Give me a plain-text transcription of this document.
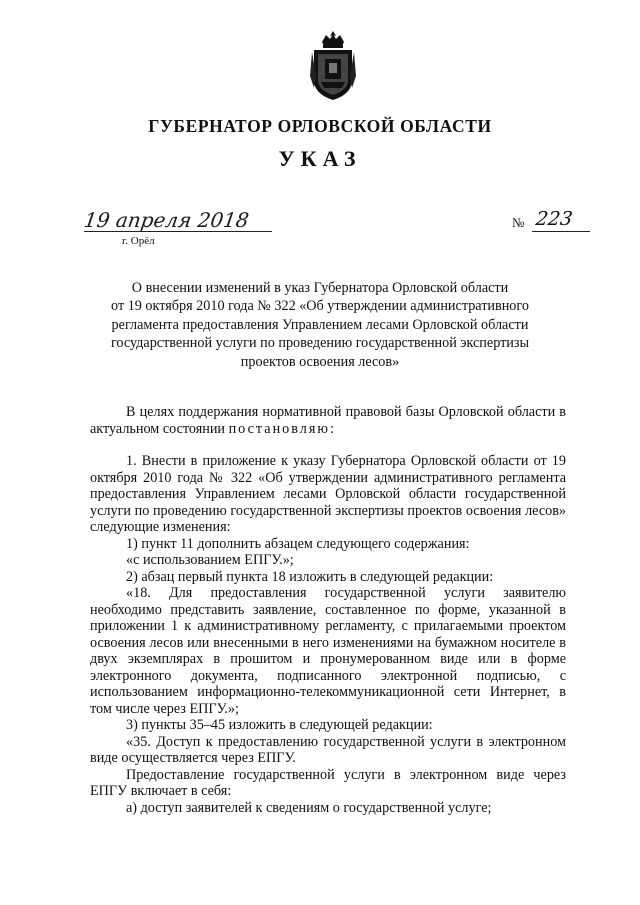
ГУБЕРНАТОР ОРЛОВСКОЙ ОБЛАСТИ
УКАЗ
19 апреля 2018
г. Орёл
№ 223
О внесении изменений в указ Губернатора Орловской области
от 19 октября 2010 года № 322 «Об утверждении административного
регламента предоставления Управлением лесами Орловской области
государственной услуги по проведению государственной экспертизы
проектов освоения лесов»

В целях поддержания нормативной правовой базы Орловской области в актуальном состоянии постановляю:

1. Внести в приложение к указу Губернатора Орловской области от 19 октября 2010 года № 322 «Об утверждении административного регламента предоставления Управлением лесами Орловской области государственной услуги по проведению государственной экспертизы проектов освоения лесов» следующие изменения:

1) пункт 11 дополнить абзацем следующего содержания:

«с использованием ЕПГУ.»;

2) абзац первый пункта 18 изложить в следующей редакции:

«18. Для предоставления государственной услуги заявителю необходимо представить заявление, составленное по форме, указанной в приложении 1 к административному регламенту, с прилагаемыми проектом освоения лесов или внесенными в него изменениями на бумажном носителе в двух экземплярах в прошитом и пронумерованном виде или в форме электронного документа, подписанного электронной подписью, с использованием информационно-телекоммуникационной сети Интернет, в том числе через ЕПГУ.»;

3) пункты 35–45 изложить в следующей редакции:

«35. Доступ к предоставлению государственной услуги в электронном виде осуществляется через ЕПГУ.

Предоставление государственной услуги в электронном виде через ЕПГУ включает в себя:

а) доступ заявителей к сведениям о государственной услуге;
